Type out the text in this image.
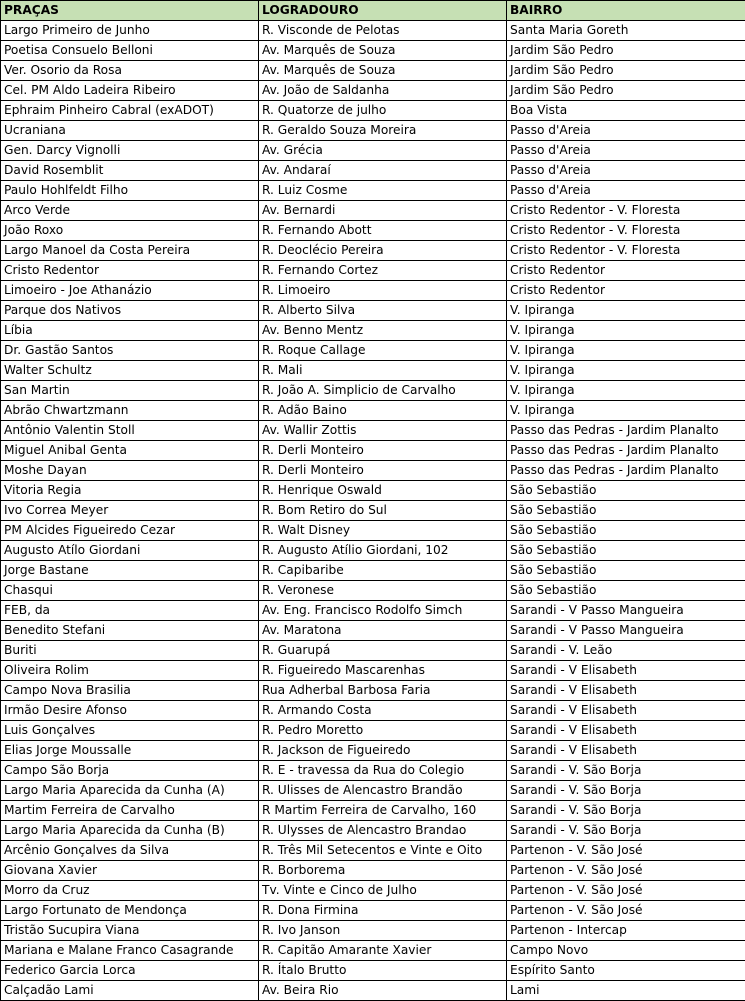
PRAÇAS	LOGRADOURO	BAIRRO
Largo Primeiro de Junho	R. Visconde de Pelotas	Santa Maria Goreth
Poetisa Consuelo Belloni	Av. Marquês de Souza	Jardim São Pedro
Ver. Osorio da Rosa	Av. Marquês de Souza	Jardim São Pedro
Cel. PM Aldo Ladeira Ribeiro	Av. João de Saldanha	Jardim São Pedro
Ephraim Pinheiro Cabral (exADOT)	R. Quatorze de julho	Boa Vista
Ucraniana	R. Geraldo Souza Moreira	Passo d'Areia
Gen. Darcy Vignolli	Av. Grécia	Passo d'Areia
David Rosemblit	Av. Andaraí	Passo d'Areia
Paulo Hohlfeldt Filho	R. Luiz Cosme	Passo d'Areia
Arco Verde	Av. Bernardi	Cristo Redentor - V. Floresta
João Roxo	R. Fernando Abott	Cristo Redentor - V. Floresta
Largo Manoel da Costa Pereira	R. Deoclécio Pereira	Cristo Redentor - V. Floresta
Cristo Redentor	R. Fernando Cortez	Cristo Redentor
Limoeiro - Joe Athanázio	R. Limoeiro	Cristo Redentor
Parque dos Nativos	R. Alberto Silva	V. Ipiranga
Líbia	Av. Benno Mentz	V. Ipiranga
Dr. Gastão Santos	R. Roque Callage	V. Ipiranga
Walter Schultz	R. Mali	V. Ipiranga
San Martin	R. João A. Simplicio de Carvalho	V. Ipiranga
Abrão Chwartzmann	R. Adão Baino	V. Ipiranga
Antônio Valentin Stoll	Av. Wallir Zottis	Passo das Pedras - Jardim Planalto
Miguel Anibal Genta	R. Derli Monteiro	Passo das Pedras - Jardim Planalto
Moshe Dayan	R. Derli Monteiro	Passo das Pedras - Jardim Planalto
Vitoria Regia	R. Henrique Oswald	São Sebastião
Ivo Correa Meyer	R. Bom Retiro do Sul	São Sebastião
PM Alcides Figueiredo Cezar	R. Walt Disney	São Sebastião
Augusto Atílo Giordani	R. Augusto Atílio Giordani, 102	São Sebastião
Jorge Bastane	R. Capibaribe	São Sebastião
Chasqui	R. Veronese	São Sebastião
FEB, da	Av. Eng. Francisco Rodolfo Simch	Sarandi - V Passo Mangueira
Benedito Stefani	Av. Maratona	Sarandi - V Passo Mangueira
Buriti	R. Guarupá	Sarandi - V. Leão
Oliveira Rolim	R. Figueiredo Mascarenhas	Sarandi - V Elisabeth
Campo Nova Brasilia	Rua Adherbal Barbosa Faria	Sarandi - V Elisabeth
Irmão Desire Afonso	R. Armando Costa	Sarandi - V Elisabeth
Luis Gonçalves	R. Pedro Moretto	Sarandi - V Elisabeth
Elias Jorge Moussalle	R. Jackson de Figueiredo	Sarandi - V Elisabeth
Campo São Borja	R. E - travessa da Rua do Colegio	Sarandi - V. São Borja
Largo Maria Aparecida da Cunha (A)	R. Ulisses de Alencastro Brandão	Sarandi - V. São Borja
Martim Ferreira de Carvalho	R Martim Ferreira de Carvalho, 160	Sarandi - V. São Borja
Largo Maria Aparecida da Cunha (B)	R. Ulysses de Alencastro Brandao	Sarandi - V. São Borja
Arcênio Gonçalves da Silva	R. Três Mil Setecentos e Vinte e Oito	Partenon - V. São José
Giovana Xavier	R. Borborema	Partenon - V. São José
Morro da Cruz	Tv. Vinte e Cinco de Julho	Partenon - V. São José
Largo Fortunato de Mendonça	R. Dona Firmina	Partenon - V. São José
Tristão Sucupira Viana	R. Ivo Janson	Partenon - Intercap
Mariana e Malane Franco Casagrande	R. Capitão Amarante Xavier	Campo Novo
Federico Garcia Lorca	R. Ítalo Brutto	Espírito Santo
Calçadão Lami	Av. Beira Rio	Lami
